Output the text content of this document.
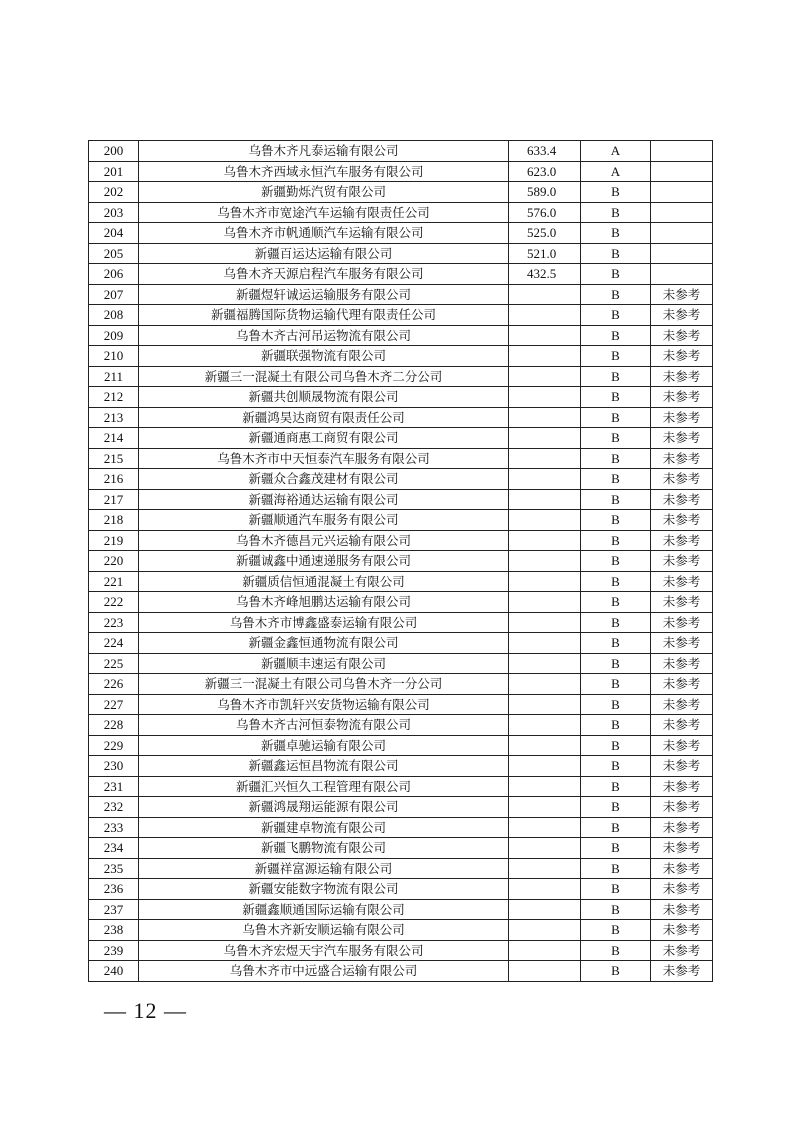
200	乌鲁木齐凡泰运输有限公司	633.4	A	
201	乌鲁木齐西域永恒汽车服务有限公司	623.0	A	
202	新疆勤烁汽贸有限公司	589.0	B	
203	乌鲁木齐市宽途汽车运输有限责任公司	576.0	B	
204	乌鲁木齐市帆通顺汽车运输有限公司	525.0	B	
205	新疆百运达运输有限公司	521.0	B	
206	乌鲁木齐天源启程汽车服务有限公司	432.5	B	
207	新疆煜轩诚运运输服务有限公司		B	未参考
208	新疆福腾国际货物运输代理有限责任公司		B	未参考
209	乌鲁木齐古河吊运物流有限公司		B	未参考
210	新疆联强物流有限公司		B	未参考
211	新疆三一混凝土有限公司乌鲁木齐二分公司		B	未参考
212	新疆共创顺晟物流有限公司		B	未参考
213	新疆鸿昊达商贸有限责任公司		B	未参考
214	新疆通商惠工商贸有限公司		B	未参考
215	乌鲁木齐市中天恒泰汽车服务有限公司		B	未参考
216	新疆众合鑫茂建材有限公司		B	未参考
217	新疆海裕通达运输有限公司		B	未参考
218	新疆顺通汽车服务有限公司		B	未参考
219	乌鲁木齐德昌元兴运输有限公司		B	未参考
220	新疆诚鑫中通速递服务有限公司		B	未参考
221	新疆质信恒通混凝土有限公司		B	未参考
222	乌鲁木齐峰旭鹏达运输有限公司		B	未参考
223	乌鲁木齐市博鑫盛泰运输有限公司		B	未参考
224	新疆金鑫恒通物流有限公司		B	未参考
225	新疆顺丰速运有限公司		B	未参考
226	新疆三一混凝土有限公司乌鲁木齐一分公司		B	未参考
227	乌鲁木齐市凯轩兴安货物运输有限公司		B	未参考
228	乌鲁木齐古河恒泰物流有限公司		B	未参考
229	新疆卓驰运输有限公司		B	未参考
230	新疆鑫运恒昌物流有限公司		B	未参考
231	新疆汇兴恒久工程管理有限公司		B	未参考
232	新疆鸿晟翔运能源有限公司		B	未参考
233	新疆建卓物流有限公司		B	未参考
234	新疆飞鹏物流有限公司		B	未参考
235	新疆祥富源运输有限公司		B	未参考
236	新疆安能数字物流有限公司		B	未参考
237	新疆鑫顺通国际运输有限公司		B	未参考
238	乌鲁木齐新安顺运输有限公司		B	未参考
239	乌鲁木齐宏煜天宇汽车服务有限公司		B	未参考
240	乌鲁木齐市中远盛合运输有限公司		B	未参考
— 12 —
